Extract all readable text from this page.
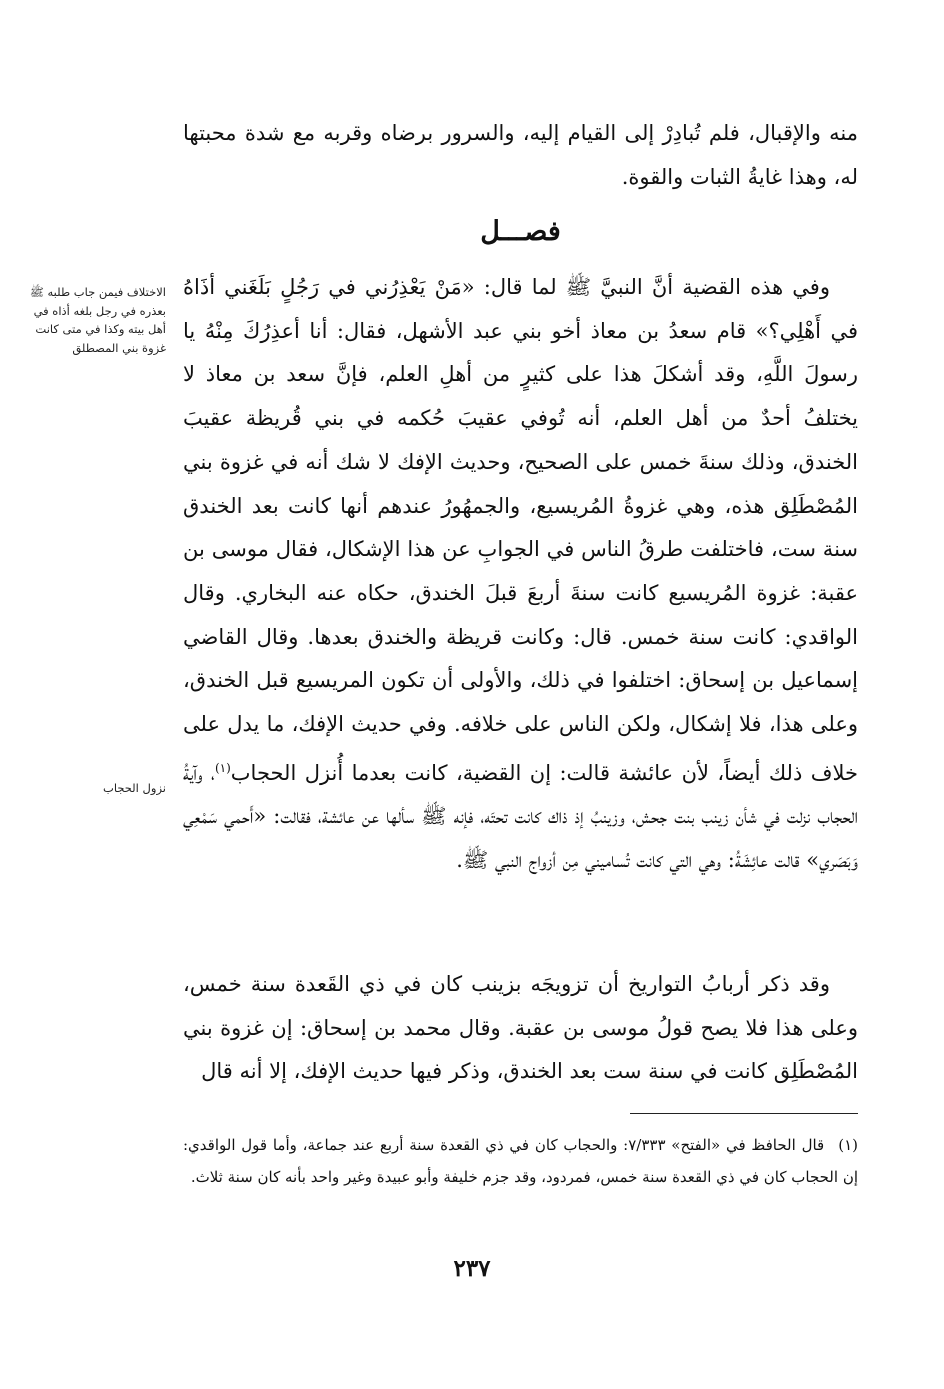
منه والإقبال، فلم تُبادِرْ إلى القيام إليه، والسرور برضاه وقربه مع شدة محبتها له، وهذا غايةُ الثبات والقوة.

فصـــل

وفي هذه القضية أنَّ النبيَّ ﷺ لما قال: «مَنْ يَعْذِرُني في رَجُلٍ بَلَغَني أذَاهُ في أَهْلِي؟» قام سعدُ بن معاذ أخو بني عبد الأشهل، فقال: أنا أعذِرُكَ مِنْهُ يا رسولَ اللَّهِ، وقد أشكلَ هذا على كثيرٍ من أهلِ العلم، فإنَّ سعد بن معاذ لا يختلفُ أحدٌ من أهل العلم، أنه تُوفي عقيبَ حُكمه في بني قُريظة عقيبَ الخندق، وذلك سنةَ خمس على الصحيح، وحديث الإفك لا شك أنه في غزوة بني المُصْطَلِق هذه، وهي غزوةُ المُريسيع، والجمهُورُ عندهم أنها كانت بعد الخندق سنة ست، فاختلفت طرقُ الناس في الجوابِ عن هذا الإشكال، فقال موسى بن عقبة: غزوة المُريسيع كانت سنةَ أربعَ قبلَ الخندق، حكاه عنه البخاري. وقال الواقدي: كانت سنة خمس. قال: وكانت قريظة والخندق بعدها. وقال القاضي إسماعيل بن إسحاق: اختلفوا في ذلك، والأولى أن تكون المريسيع قبل الخندق، وعلى هذا، فلا إشكال، ولكن الناس على خلافه. وفي حديث الإفك، ما يدل على خلاف ذلك أيضاً، لأن عائشة قالت: إن القضية، كانت بعدما أُنزل الحجاب$^{(١)}$، وآيةُ الحجاب نزلت في شأن زينب بنت جحش، وزينبُ إذ ذاك كانت تحتَه، فإنه ﷺ سألها عن عائشة، فقالت: «أَحمي سَمْعِي وَبَصَري» قالت عائِشَةُ: وهي التي كانت تُساميني مِن أزواج النبي ﷺ.

وقد ذكر أربابُ التواريخ أن تزويجَه بزينب كان في ذي القَعدة سنة خمس، وعلى هذا فلا يصح قولُ موسى بن عقبة. وقال محمد بن إسحاق: إن غزوة بني المُصْطَلِق كانت في سنة ست بعد الخندق، وذكر فيها حديث الإفك، إلا أنه قال

الاختلاف فيمن جاب طلبه ﷺ بعذره في رجل بلغه أذاه في أهل بيته وكذا في متى كانت غزوة بني المصطلق
نزول الحجاب
(١)قال الحافظ في «الفتح» ٧/٣٣٣: والحجاب كان في ذي القعدة سنة أربع عند جماعة، وأما قول الواقدي: إن الحجاب كان في ذي القعدة سنة خمس، فمردود، وقد جزم خليفة وأبو عبيدة وغير واحد بأنه كان سنة ثلاث.
٢٣٧
